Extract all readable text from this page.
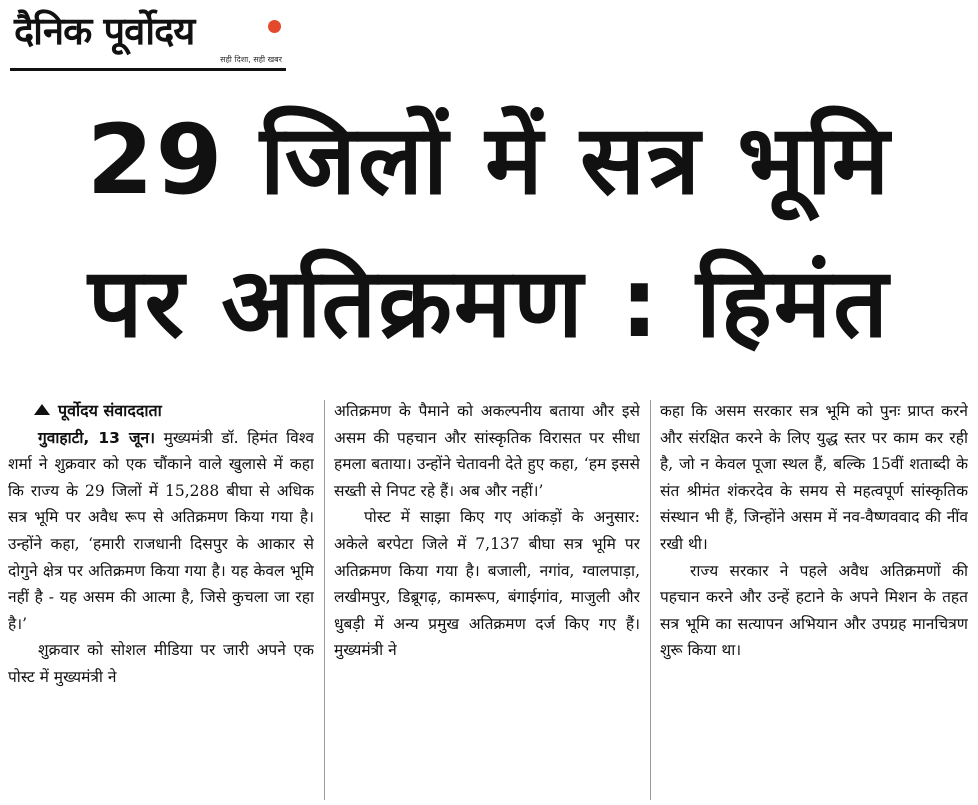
दैनिक पूर्वोदय
सही दिशा, सही खबर
29 जिलों में सत्र भूमि
पर अतिक्रमण : हिमंत
पूर्वोदय संवाददाता

गुवाहाटी, 13 जून। मुख्यमंत्री डॉ. हिमंत विश्व शर्मा ने शुक्रवार को एक चौंकाने वाले खुलासे में कहा कि राज्य के 29 जिलों में 15,288 बीघा से अधिक सत्र भूमि पर अवैध रूप से अतिक्रमण किया गया है। उन्होंने कहा, ‘हमारी राजधानी दिसपुर के आकार से दोगुने क्षेत्र पर अतिक्रमण किया गया है। यह केवल भूमि नहीं है - यह असम की आत्मा है, जिसे कुचला जा रहा है।’

शुक्रवार को सोशल मीडिया पर जारी अपने एक पोस्ट में मुख्यमंत्री ने

अतिक्रमण के पैमाने को अकल्पनीय बताया और इसे असम की पहचान और सांस्कृतिक विरासत पर सीधा हमला बताया। उन्होंने चेतावनी देते हुए कहा, ‘हम इससे सख्ती से निपट रहे हैं। अब और नहीं।’

पोस्ट में साझा किए गए आंकड़ों के अनुसार: अकेले बरपेटा जिले में 7,137 बीघा सत्र भूमि पर अतिक्रमण किया गया है। बजाली, नगांव, ग्वालपाड़ा, लखीमपुर, डिब्रूगढ़, कामरूप, बंगाईगांव, माजुली और धुबड़ी में अन्य प्रमुख अतिक्रमण दर्ज किए गए हैं। मुख्यमंत्री ने

कहा कि असम सरकार सत्र भूमि को पुनः प्राप्त करने और संरक्षित करने के लिए युद्ध स्तर पर काम कर रही है, जो न केवल पूजा स्थल हैं, बल्कि 15वीं शताब्दी के संत श्रीमंत शंकरदेव के समय से महत्वपूर्ण सांस्कृतिक संस्थान भी हैं, जिन्होंने असम में नव-वैष्णववाद की नींव रखी थी।

राज्य सरकार ने पहले अवैध अतिक्रमणों की पहचान करने और उन्हें हटाने के अपने मिशन के तहत सत्र भूमि का सत्यापन अभियान और उपग्रह मानचित्रण शुरू किया था।
